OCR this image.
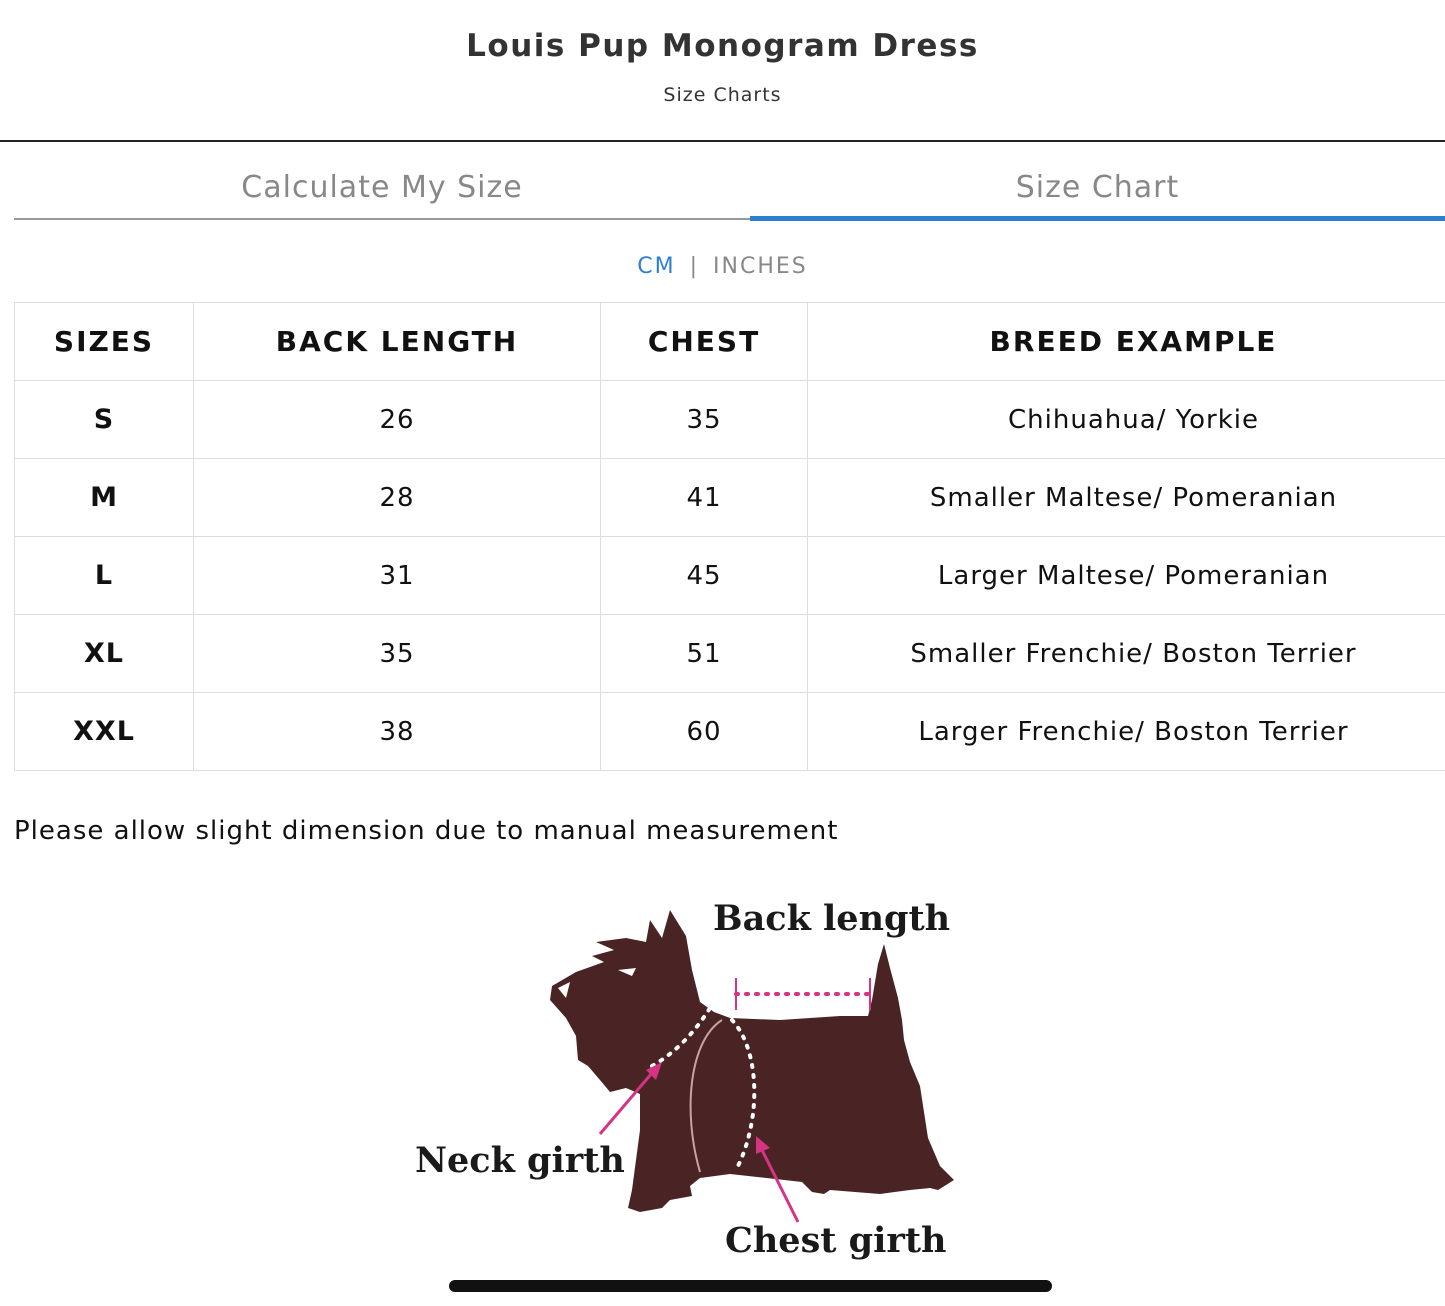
Louis Pup Monogram Dress
Size Charts
Calculate My Size	Size Chart
CM | INCHES
SIZES	BACK LENGTH	CHEST	BREED EXAMPLE
S	26	35	Chihuahua/ Yorkie
M	28	41	Smaller Maltese/ Pomeranian
L	31	45	Larger Maltese/ Pomeranian
XL	35	51	Smaller Frenchie/ Boston Terrier
XXL	38	60	Larger Frenchie/ Boston Terrier
Please allow slight dimension due to manual measurement
Back length
Neck girth
Chest girth
